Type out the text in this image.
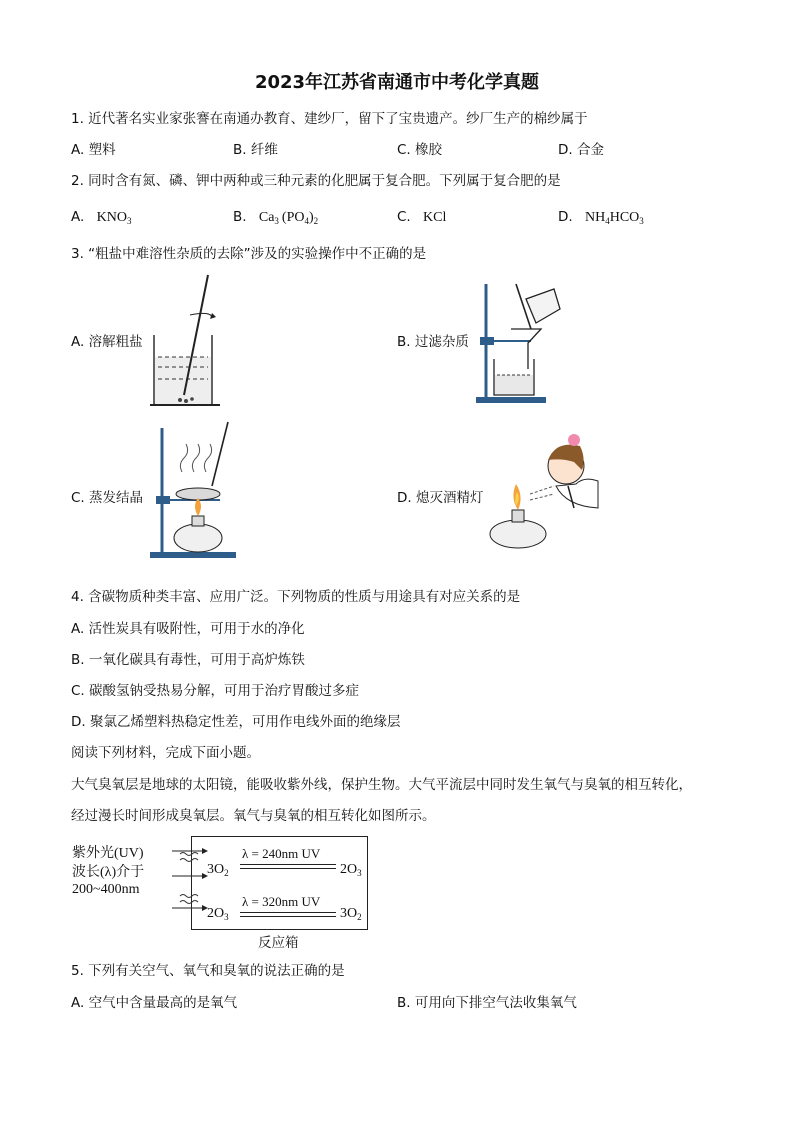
2023年江苏省南通市中考化学真题
1. 近代著名实业家张謇在南通办教育、建纱厂，留下了宝贵遗产。纱厂生产的棉纱属于
A. 塑料	B. 纤维	C. 橡胶	D. 合金
2. 同时含有氮、磷、钾中两种或三种元素的化肥属于复合肥。下列属于复合肥的是
A. $KNO_3$	B. $Ca_3$ $(PO_4)_2$	C. KCl	D. $NH_4HCO_3$
3. “粗盐中难溶性杂质的去除”涉及的实验操作中不正确的是
A. 溶解粗盐	B. 过滤杂质
C. 蒸发结晶	D. 熄灭酒精灯
4. 含碳物质种类丰富、应用广泛。下列物质的性质与用途具有对应关系的是
A. 活性炭具有吸附性，可用于水的净化
B. 一氧化碳具有毒性，可用于高炉炼铁
C. 碳酸氢钠受热易分解，可用于治疗胃酸过多症
D. 聚氯乙烯塑料热稳定性差，可用作电线外面的绝缘层
阅读下列材料，完成下面小题。
大气臭氧层是地球的太阳镜，能吸收紫外线，保护生物。大气平流层中同时发生氧气与臭氧的相互转化，
经过漫长时间形成臭氧层。氧气与臭氧的相互转化如图所示。
紫外光(UV)
波长(λ)介于
200~400nm
$3O_2$
λ = 240nm UV
$2O_3$
$2O_3$
λ = 320nm UV
$3O_2$
反应箱
5. 下列有关空气、氧气和臭氧的说法正确的是
A. 空气中含量最高的是氧气	B. 可用向下排空气法收集氧气
